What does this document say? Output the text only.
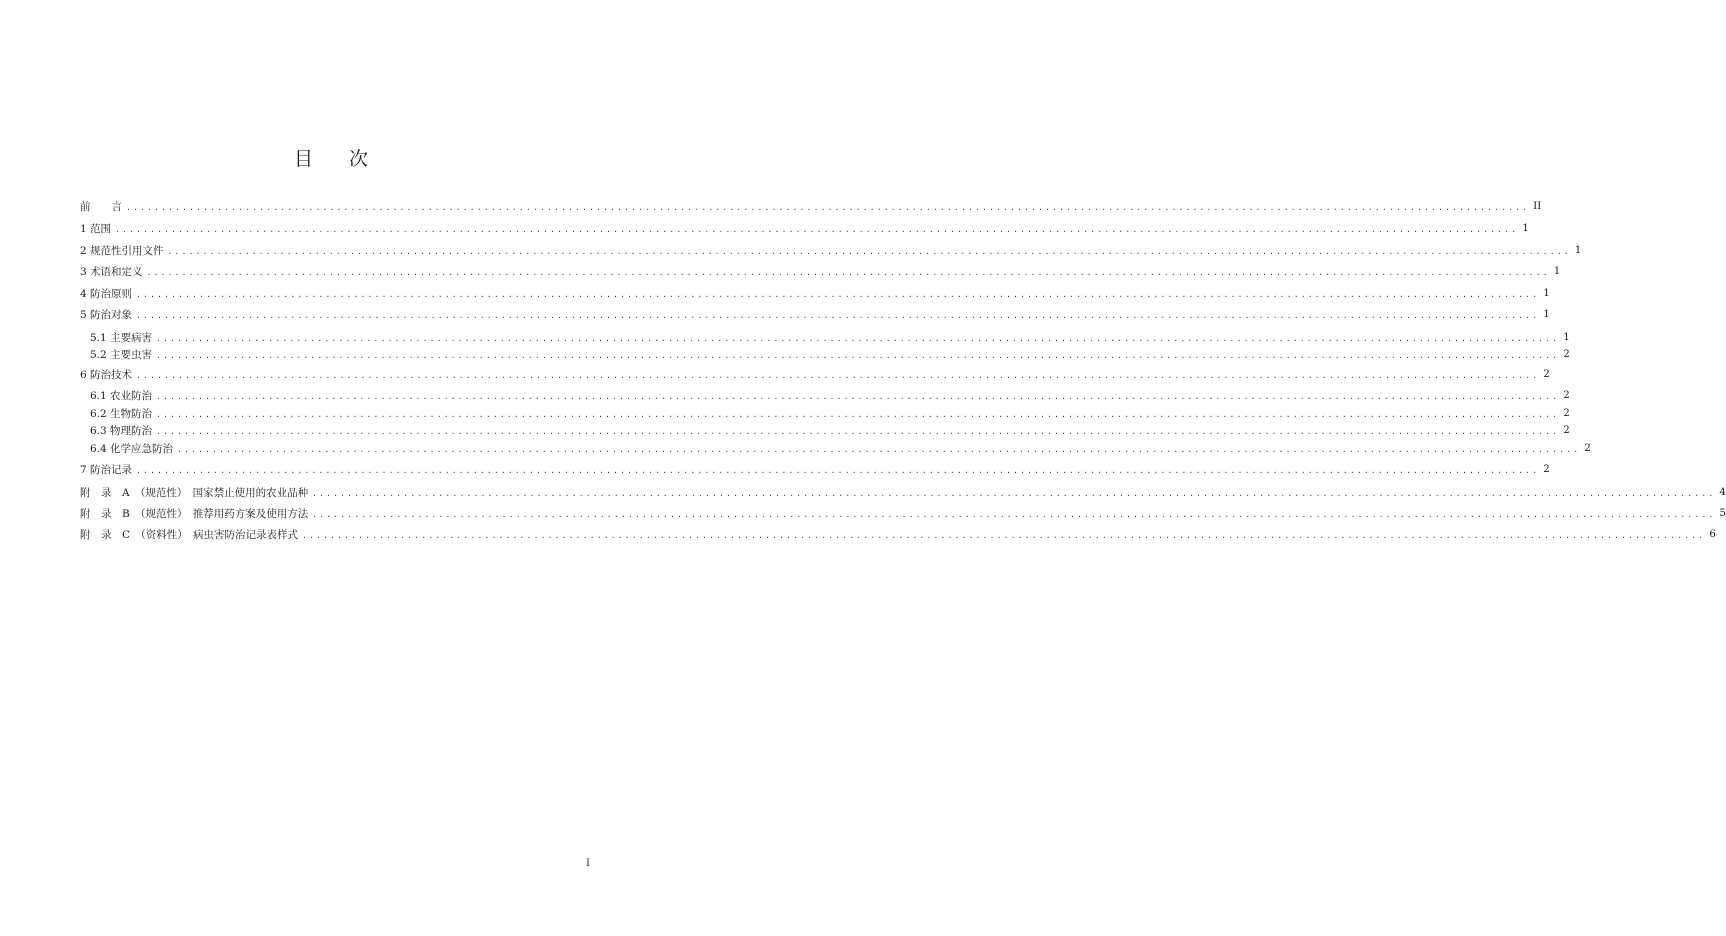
目 次
前　　言 ........................................................................................................................................................................................................ II
1 范围 ........................................................................................................................................................................................................ 1
2 规范性引用文件 ........................................................................................................................................................................................................ 1
3 术语和定义 ........................................................................................................................................................................................................ 1
4 防治原则 ........................................................................................................................................................................................................ 1
5 防治对象 ........................................................................................................................................................................................................ 1
5.1 主要病害 ........................................................................................................................................................................................................ 1
5.2 主要虫害 ........................................................................................................................................................................................................ 2
6 防治技术 ........................................................................................................................................................................................................ 2
6.1 农业防治 ........................................................................................................................................................................................................ 2
6.2 生物防治 ........................................................................................................................................................................................................ 2
6.3 物理防治 ........................................................................................................................................................................................................ 2
6.4 化学应急防治 ........................................................................................................................................................................................................ 2
7 防治记录 ........................................................................................................................................................................................................ 2
附　录　A　（规范性）　国家禁止使用的农业品种 ........................................................................................................................................................................................................ 4
附　录　B　（规范性）　推荐用药方案及使用方法 ........................................................................................................................................................................................................ 5
附　录　C　（资料性）　病虫害防治记录表样式 ........................................................................................................................................................................................................ 6
I
